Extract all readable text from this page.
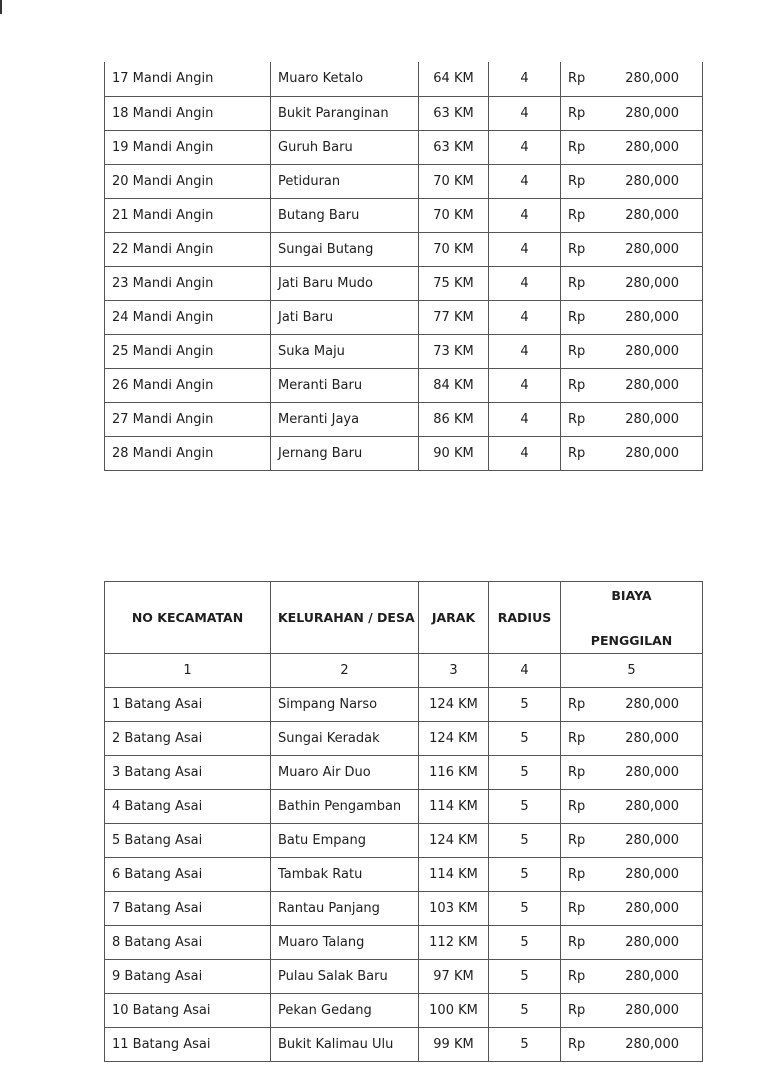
17 Mandi Angin	Muaro Ketalo	64 KM	4	Rp 280,000

18 Mandi Angin	Bukit Paranginan	63 KM	4	Rp 280,000

19 Mandi Angin	Guruh Baru	63 KM	4	Rp 280,000

20 Mandi Angin	Petiduran	70 KM	4	Rp 280,000

21 Mandi Angin	Butang Baru	70 KM	4	Rp 280,000

22 Mandi Angin	Sungai Butang	70 KM	4	Rp 280,000

23 Mandi Angin	Jati Baru Mudo	75 KM	4	Rp 280,000

24 Mandi Angin	Jati Baru	77 KM	4	Rp 280,000

25 Mandi Angin	Suka Maju	73 KM	4	Rp 280,000

26 Mandi Angin	Meranti Baru	84 KM	4	Rp 280,000

27 Mandi Angin	Meranti Jaya	86 KM	4	Rp 280,000

28 Mandi Angin	Jernang Baru	90 KM	4	Rp 280,000
NO KECAMATAN	KELURAHAN / DESA	JARAK	RADIUS	BIAYA
PENGGILAN

1	2	3	4	5
1 Batang Asai	Simpang Narso	124 KM	5	Rp 280,000

2 Batang Asai	Sungai Keradak	124 KM	5	Rp 280,000

3 Batang Asai	Muaro Air Duo	116 KM	5	Rp 280,000

4 Batang Asai	Bathin Pengamban	114 KM	5	Rp 280,000

5 Batang Asai	Batu Empang	124 KM	5	Rp 280,000

6 Batang Asai	Tambak Ratu	114 KM	5	Rp 280,000

7 Batang Asai	Rantau Panjang	103 KM	5	Rp 280,000

8 Batang Asai	Muaro Talang	112 KM	5	Rp 280,000

9 Batang Asai	Pulau Salak Baru	97 KM	5	Rp 280,000

10 Batang Asai	Pekan Gedang	100 KM	5	Rp 280,000

11 Batang Asai	Bukit Kalimau Ulu	99 KM	5	Rp 280,000
